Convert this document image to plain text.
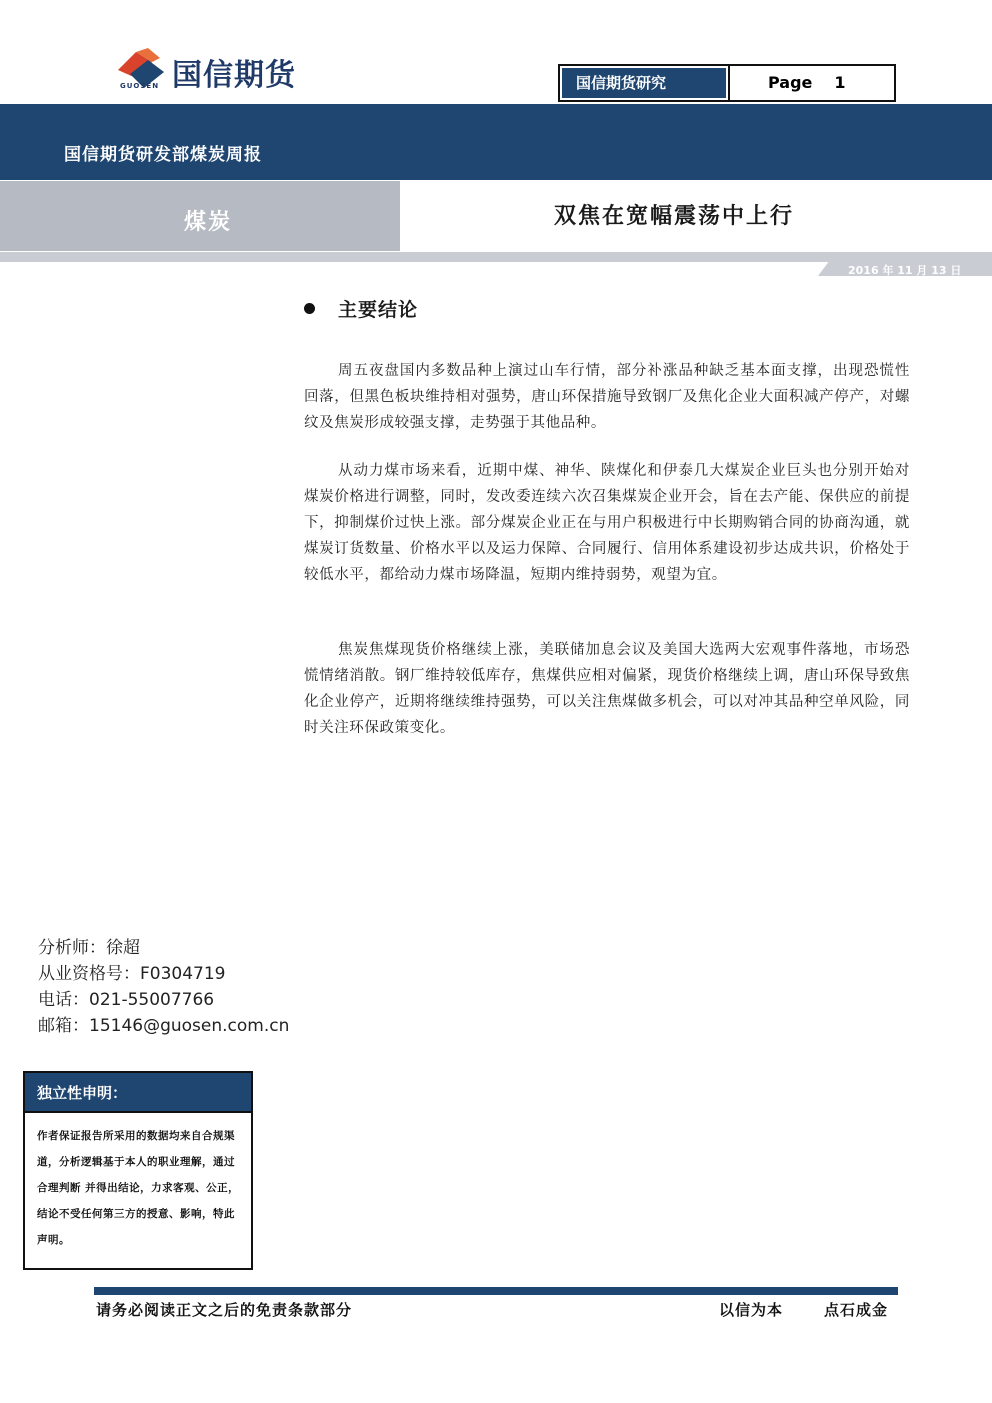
国信期货
GUOSEN	国信期货研究	Page 1
国信期货研发部煤炭周报
煤炭	双焦在宽幅震荡中上行
2016 年 11 月 13 日
主要结论

周五夜盘国内多数品种上演过山车行情，部分补涨品种缺乏基本面支撑，出现恐慌性回落，但黑色板块维持相对强势，唐山环保措施导致钢厂及焦化企业大面积减产停产，对螺纹及焦炭形成较强支撑，走势强于其他品种。

从动力煤市场来看，近期中煤、神华、陕煤化和伊泰几大煤炭企业巨头也分别开始对煤炭价格进行调整，同时，发改委连续六次召集煤炭企业开会，旨在去产能、保供应的前提下，抑制煤价过快上涨。部分煤炭企业正在与用户积极进行中长期购销合同的协商沟通，就煤炭订货数量、价格水平以及运力保障、合同履行、信用体系建设初步达成共识，价格处于较低水平，都给动力煤市场降温，短期内维持弱势，观望为宜。

焦炭焦煤现货价格继续上涨，美联储加息会议及美国大选两大宏观事件落地，市场恐慌情绪消散。钢厂维持较低库存，焦煤供应相对偏紧，现货价格继续上调，唐山环保导致焦化企业停产，近期将继续维持强势，可以关注焦煤做多机会，可以对冲其品种空单风险，同时关注环保政策变化。

分析师：徐超
从业资格号：F0304719
电话：021-55007766
邮箱：15146@guosen.com.cn
独立性申明：

作者保证报告所采用的数据均来自合规渠道，分析逻辑基于本人的职业理解，通过合理判断 并得出结论，力求客观、公正，结论不受任何第三方的授意、影响，特此声明。

请务必阅读正文之后的免责条款部分	以信为本	点石成金
